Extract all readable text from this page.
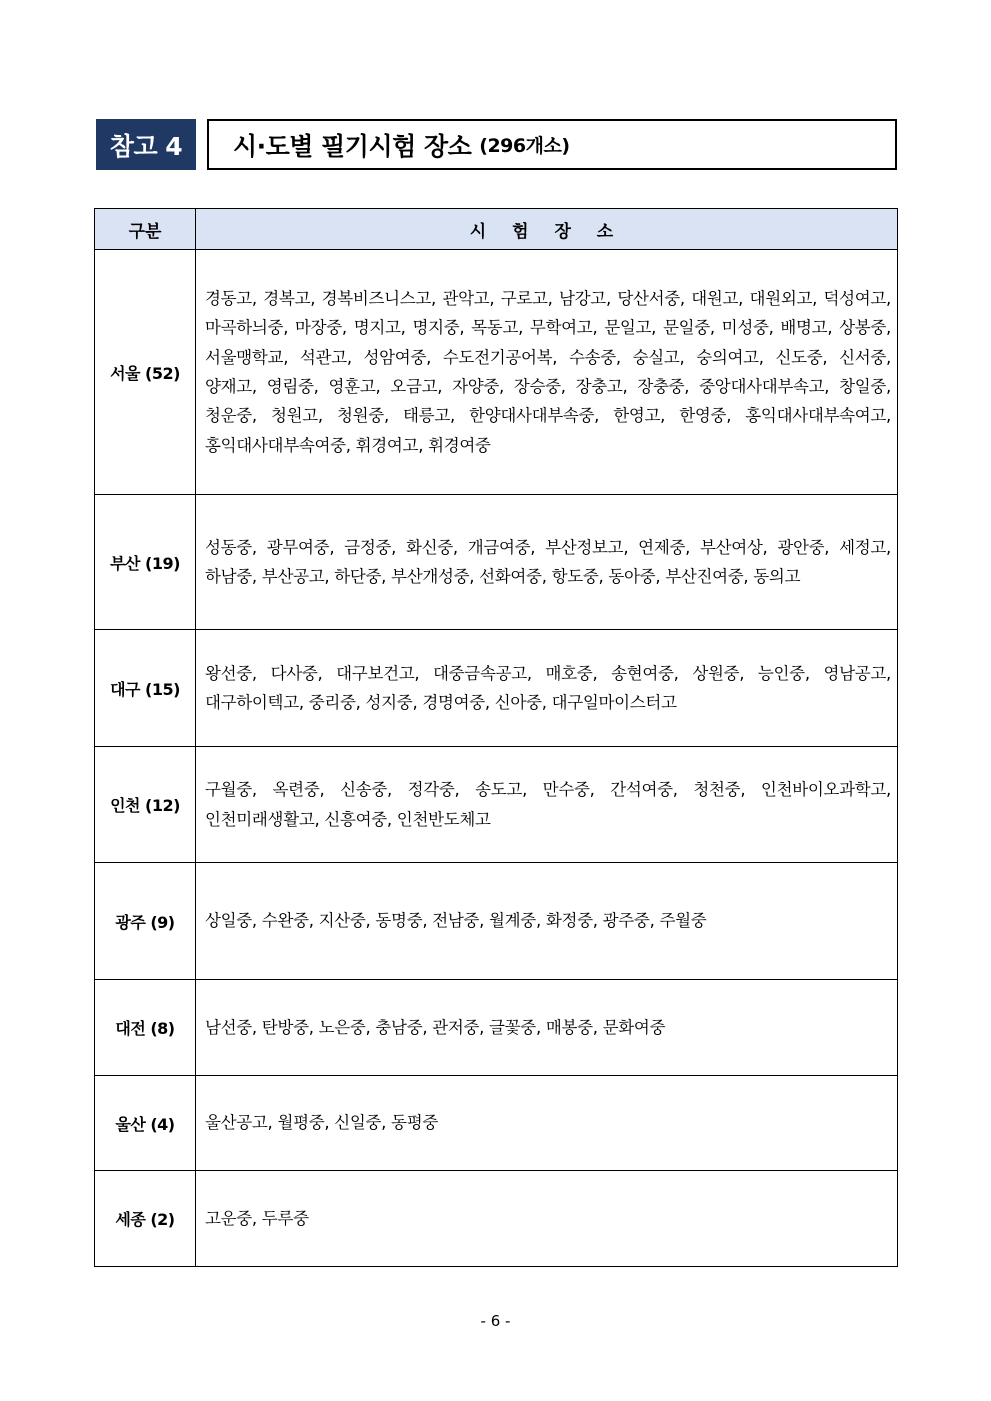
참고 4	시·도별 필기시험 장소 (296개소)
구분	시 험 장 소
서울 (52)	경동고, 경복고, 경복비즈니스고, 관악고, 구로고, 남강고, 당산서중, 대원고, 대원외고, 덕성여고, 마곡하늬중, 마장중, 명지고, 명지중, 목동고, 무학여고, 문일고, 문일중, 미성중, 배명고, 상봉중, 서울맹학교, 석관고, 성암여중, 수도전기공어복, 수송중, 숭실고, 숭의여고, 신도중, 신서중, 양재고, 영림중, 영훈고, 오금고, 자양중, 장승중, 장충고, 장충중, 중앙대사대부속고, 창일중, 청운중, 청원고, 청원중, 태릉고, 한양대사대부속중, 한영고, 한영중, 홍익대사대부속여고, 홍익대사대부속여중, 휘경여고, 휘경여중
부산 (19)	성동중, 광무여중, 금정중, 화신중, 개금여중, 부산정보고, 연제중, 부산여상, 광안중, 세정고, 하남중, 부산공고, 하단중, 부산개성중, 선화여중, 항도중, 동아중, 부산진여중, 동의고
대구 (15)	왕선중, 다사중, 대구보건고, 대중금속공고, 매호중, 송현여중, 상원중, 능인중, 영남공고, 대구하이텍고, 중리중, 성지중, 경명여중, 신아중, 대구일마이스터고
인천 (12)	구월중, 옥련중, 신송중, 정각중, 송도고, 만수중, 간석여중, 청천중, 인천바이오과학고, 인천미래생활고, 신흥여중, 인천반도체고
광주 (9)	상일중, 수완중, 지산중, 동명중, 전남중, 월계중, 화정중, 광주중, 주월중
대전 (8)	남선중, 탄방중, 노은중, 충남중, 관저중, 글꽃중, 매봉중, 문화여중
울산 (4)	울산공고, 월평중, 신일중, 동평중
세종 (2)	고운중, 두루중
- 6 -
